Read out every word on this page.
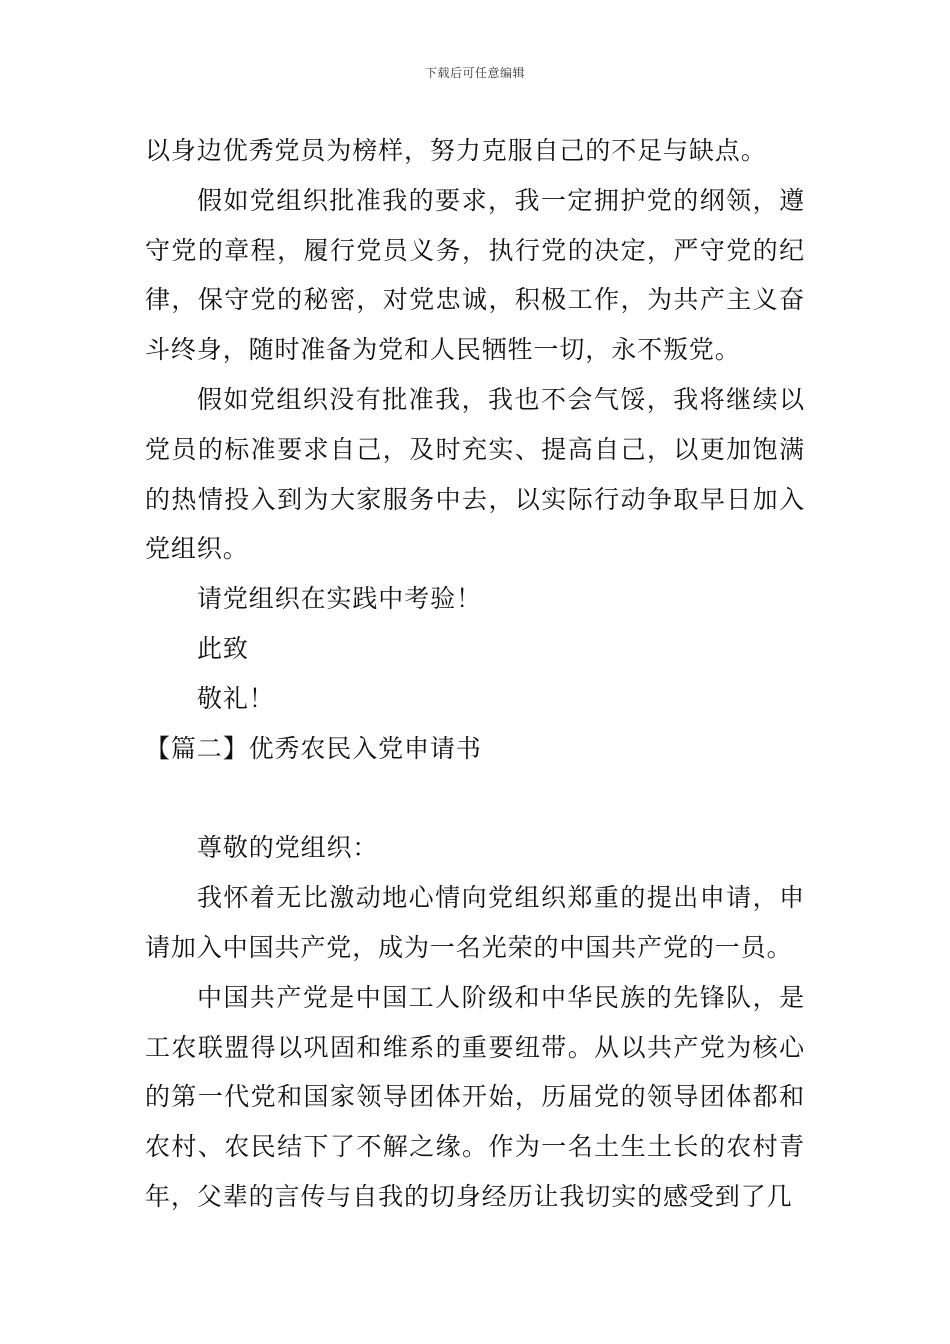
下载后可任意编辑

以身边优秀党员为榜样，努力克服自己的不足与缺点。

假如党组织批准我的要求，我一定拥护党的纲领，遵守党的章程，履行党员义务，执行党的决定，严守党的纪律，保守党的秘密，对党忠诚，积极工作，为共产主义奋斗终身，随时准备为党和人民牺牲一切，永不叛党。

假如党组织没有批准我，我也不会气馁，我将继续以党员的标准要求自己，及时充实、提高自己，以更加饱满的热情投入到为大家服务中去，以实际行动争取早日加入党组织。

请党组织在实践中考验！

此致

敬礼！

【篇二】优秀农民入党申请书

尊敬的党组织：

我怀着无比激动地心情向党组织郑重的提出申请，申请加入中国共产党，成为一名光荣的中国共产党的一员。

中国共产党是中国工人阶级和中华民族的先锋队，是工农联盟得以巩固和维系的重要纽带。从以共产党为核心的第一代党和国家领导团体开始，历届党的领导团体都和农村、农民结下了不解之缘。作为一名土生土长的农村青年，父辈的言传与自我的切身经历让我切实的感受到了几
